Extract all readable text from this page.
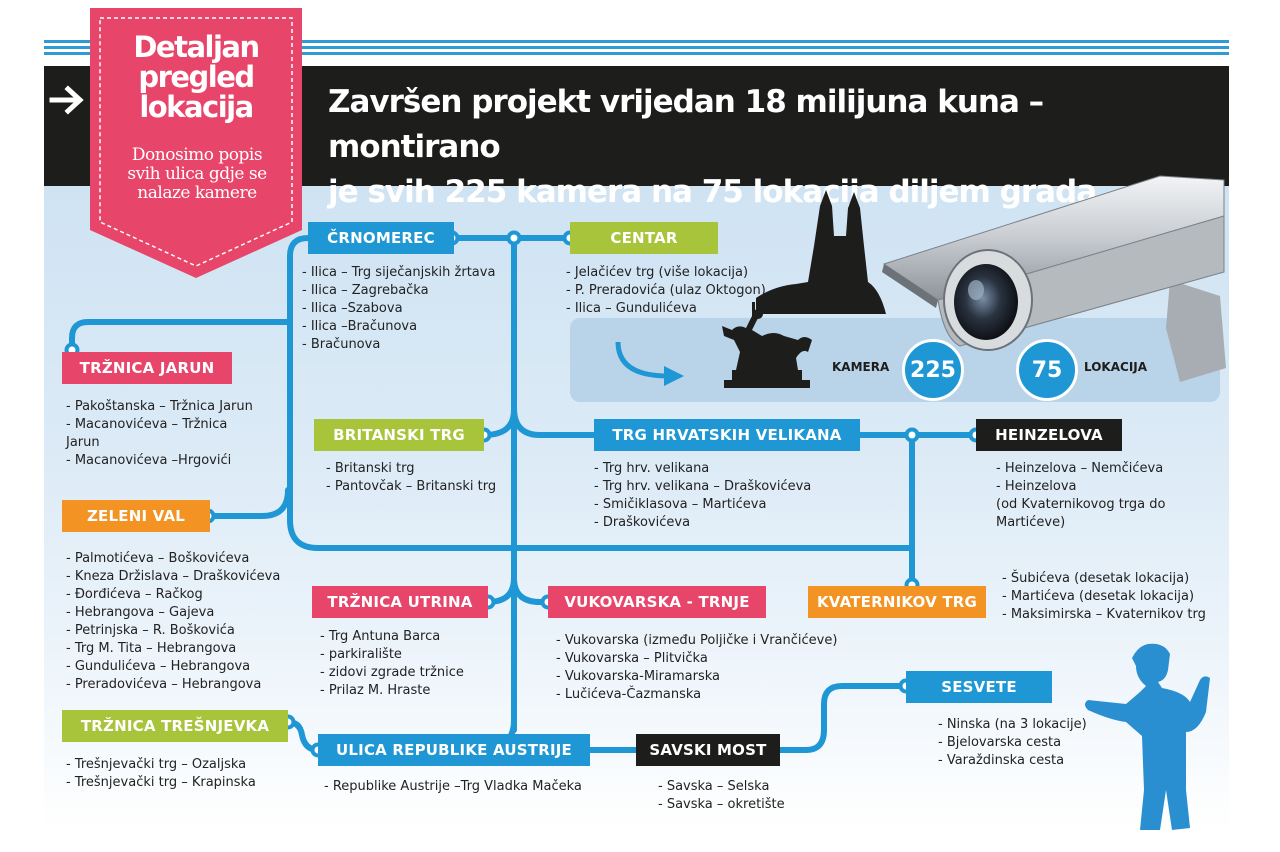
Završen projekt vrijedan 18 milijuna kuna – montirano
je svih 225 kamera na 75 lokacija diljem grada
Detaljan
pregled
lokacija
Donosimo popis
svih ulica gdje se
nalaze kamere
KAMERA 225	75 LOKACIJA
ČRNOMEREC
- Ilica – Trg siječanjskih žrtava
- Ilica – Zagrebačka
- Ilica –Szabova
- Ilica –Bračunova
- Bračunova
CENTAR
- Jelačićev trg (više lokacija)
- P. Preradovića (ulaz Oktogon)
- Ilica – Gundulićeva
TRŽNICA JARUN
- Pakoštanska – Tržnica Jarun
- Macanovićeva – Tržnica
Jarun
- Macanovićeva –Hrgovići
BRITANSKI TRG
- Britanski trg
- Pantovčak – Britanski trg
TRG HRVATSKIH VELIKANA
- Trg hrv. velikana
- Trg hrv. velikana – Draškovićeva
- Smičiklasova – Martićeva
- Draškovićeva
HEINZELOVA
- Heinzelova – Nemčićeva
- Heinzelova
(od Kvaternikovog trga do
Martićeve)
ZELENI VAL
- Palmotićeva – Boškovićeva
- Kneza Držislava – Draškovićeva
- Đorđićeva – Račkog
- Hebrangova – Gajeva
- Petrinjska – R. Boškovića
- Trg M. Tita – Hebrangova
- Gundulićeva – Hebrangova
- Preradovićeva – Hebrangova
TRŽNICA UTRINA
- Trg Antuna Barca
- parkiralište
- zidovi zgrade tržnice
- Prilaz M. Hraste
VUKOVARSKA - TRNJE
- Vukovarska (između Poljičke i Vrančićeve)
- Vukovarska – Plitvička
- Vukovarska-Miramarska
- Lučićeva-Čazmanska
KVATERNIKOV TRG
- Šubićeva (desetak lokacija)
- Martićeva (desetak lokacija)
- Maksimirska – Kvaternikov trg
SESVETE
- Ninska (na 3 lokacije)
- Bjelovarska cesta
- Varaždinska cesta
TRŽNICA TREŠNJEVKA
- Trešnjevački trg – Ozaljska
- Trešnjevački trg – Krapinska
ULICA REPUBLIKE AUSTRIJE
- Republike Austrije –Trg Vladka Mačeka
SAVSKI MOST
- Savska – Selska
- Savska – okretište
